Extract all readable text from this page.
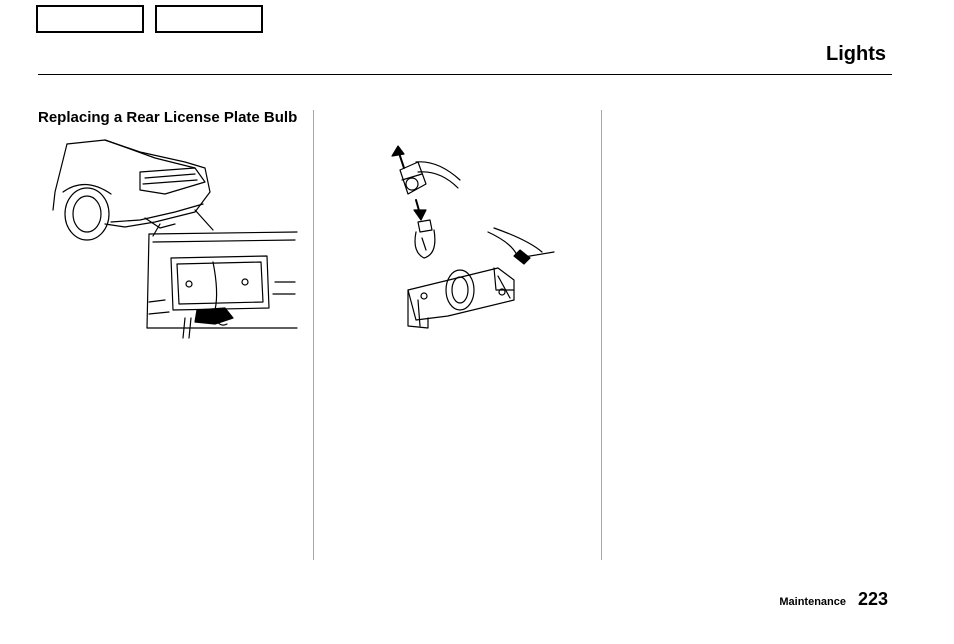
Lights
Replacing a Rear License Plate Bulb
Maintenance 223
